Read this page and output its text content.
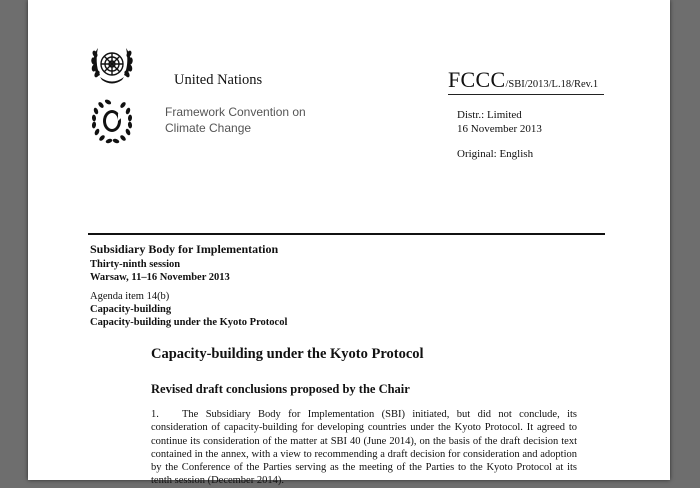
United Nations	FCCC/SBI/2013/L.18/Rev.1
Framework Convention on
Climate Change
Distr.: Limited
16 November 2013
Original: English
Subsidiary Body for Implementation
Thirty-ninth session
Warsaw, 11–16 November 2013
Agenda item 14(b)
Capacity-building
Capacity-building under the Kyoto Protocol
Capacity-building under the Kyoto Protocol
Revised draft conclusions proposed by the Chair
1. The Subsidiary Body for Implementation (SBI) initiated, but did not conclude, its consideration of capacity-building for developing countries under the Kyoto Protocol. It agreed to continue its consideration of the matter at SBI 40 (June 2014), on the basis of the draft decision text contained in the annex, with a view to recommending a draft decision for consideration and adoption by the Conference of the Parties serving as the meeting of the Parties to the Kyoto Protocol at its tenth session (December 2014).
